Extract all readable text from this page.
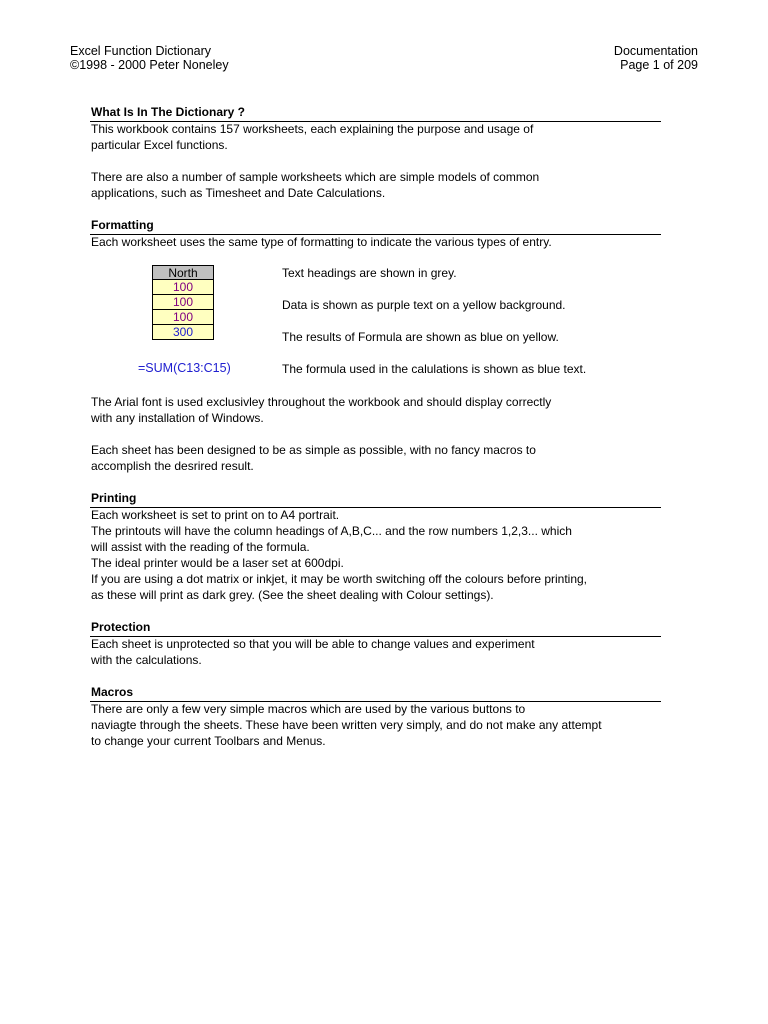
Excel Function Dictionary
©1998 - 2000 Peter Noneley
Documentation
Page 1 of 209
What Is In The Dictionary ?
This workbook contains 157 worksheets, each explaining the purpose and usage of
particular Excel functions.
There are also a number of sample worksheets which are simple models of common
applications, such as Timesheet and Date Calculations.
Formatting
Each worksheet uses the same type of formatting to indicate the various types of entry.
North
100
100
100
300
=SUM(C13:C15)
Text headings are shown in grey.
Data is shown as purple text on a yellow background.
The results of Formula are shown as blue on yellow.
The formula used in the calulations is shown as blue text.
The Arial font is used exclusivley throughout the workbook and should display correctly
with any installation of Windows.
Each sheet has been designed to be as simple as possible, with no fancy macros to
accomplish the desrired result.
Printing
Each worksheet is set to print on to A4 portrait.
The printouts will have the column headings of A,B,C... and the row numbers 1,2,3... which
will assist with the reading of the formula.
The ideal printer would be a laser set at 600dpi.
If you are using a dot matrix or inkjet, it may be worth switching off the colours before printing,
as these will print as dark grey. (See the sheet dealing with Colour settings).
Protection
Each sheet is unprotected so that you will be able to change values and experiment
with the calculations.
Macros
There are only a few very simple macros which are used by the various buttons to
naviagte through the sheets. These have been written very simply, and do not make any attempt
to change your current Toolbars and Menus.
